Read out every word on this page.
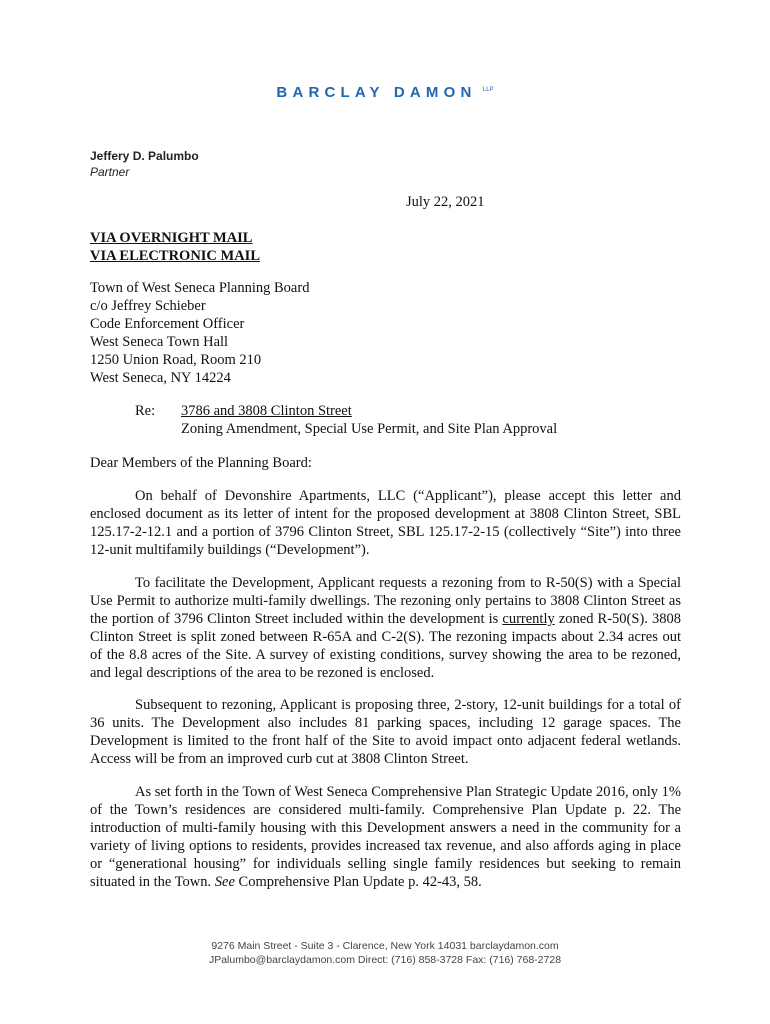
BARCLAY DAMON $^{LLP}$
Jeffery D. Palumbo
Partner
July 22, 2021
VIA OVERNIGHT MAIL
VIA ELECTRONIC MAIL
Town of West Seneca Planning Board
c/o Jeffrey Schieber
Code Enforcement Officer
West Seneca Town Hall
1250 Union Road, Room 210
West Seneca, NY 14224
Re: 3786 and 3808 Clinton Street
Zoning Amendment, Special Use Permit, and Site Plan Approval
Dear Members of the Planning Board:

On behalf of Devonshire Apartments, LLC (“Applicant”), please accept this letter and enclosed document as its letter of intent for the proposed development at 3808 Clinton Street, SBL 125.17-2-12.1 and a portion of 3796 Clinton Street, SBL 125.17-2-15 (collectively “Site”) into three 12-unit multifamily buildings (“Development”).

To facilitate the Development, Applicant requests a rezoning from to R-50(S) with a Special Use Permit to authorize multi-family dwellings. The rezoning only pertains to 3808 Clinton Street as the portion of 3796 Clinton Street included within the development is currently zoned R-50(S). 3808 Clinton Street is split zoned between R-65A and C-2(S). The rezoning impacts about 2.34 acres out of the 8.8 acres of the Site. A survey of existing conditions, survey showing the area to be rezoned, and legal descriptions of the area to be rezoned is enclosed.

Subsequent to rezoning, Applicant is proposing three, 2-story, 12-unit buildings for a total of 36 units. The Development also includes 81 parking spaces, including 12 garage spaces. The Development is limited to the front half of the Site to avoid impact onto adjacent federal wetlands. Access will be from an improved curb cut at 3808 Clinton Street.

As set forth in the Town of West Seneca Comprehensive Plan Strategic Update 2016, only 1% of the Town’s residences are considered multi-family. Comprehensive Plan Update p. 22. The introduction of multi-family housing with this Development answers a need in the community for a variety of living options to residents, provides increased tax revenue, and also affords aging in place or “generational housing” for individuals selling single family residences but seeking to remain situated in the Town. See Comprehensive Plan Update p. 42-43, 58.

9276 Main Street - Suite 3 - Clarence, New York 14031 barclaydamon.com
JPalumbo@barclaydamon.com Direct: (716) 858-3728 Fax: (716) 768-2728
